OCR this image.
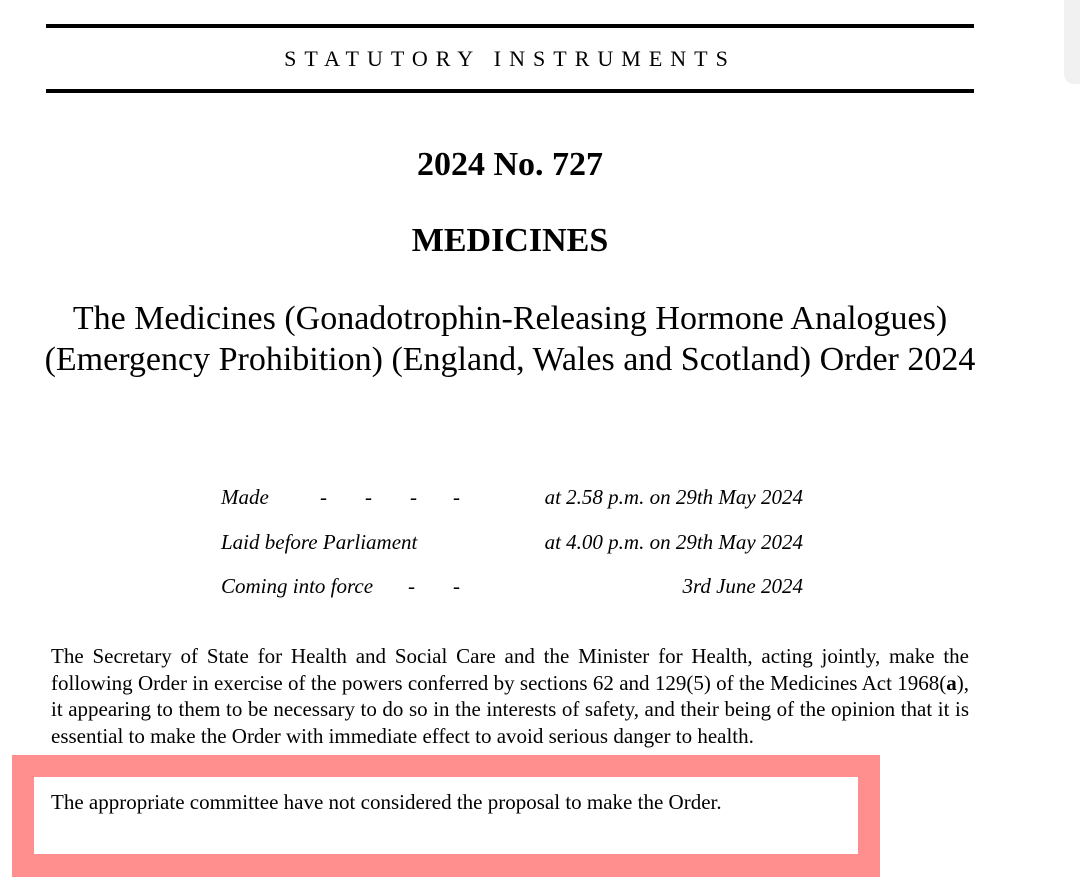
STATUTORY INSTRUMENTS
2024 No. 727
MEDICINES
The Medicines (Gonadotrophin-Releasing Hormone Analogues) (Emergency Prohibition) (England, Wales and Scotland) Order 2024
Made - - - -	at 2.58 p.m. on 29th May 2024
Laid before Parliament	at 4.00 p.m. on 29th May 2024
Coming into force - -	3rd June 2024

The Secretary of State for Health and Social Care and the Minister for Health, acting jointly, make the following Order in exercise of the powers conferred by sections 62 and 129(5) of the Medicines Act 1968(a), it appearing to them to be necessary to do so in the interests of safety, and their being of the opinion that it is essential to make the Order with immediate effect to avoid serious danger to health.

The appropriate committee have not considered the proposal to make the Order.
